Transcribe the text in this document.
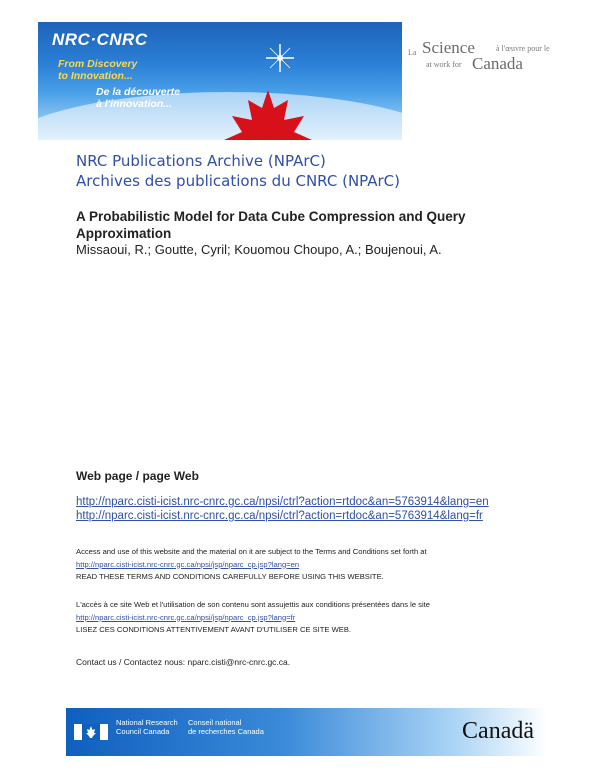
NRC·CNRC
From Discovery
to Innovation...
De la découverte
à l'innovation...
La Science	à l'œuvre pour le
at work for Canada
NRC Publications Archive (NPArC)
Archives des publications du CNRC (NPArC)
A Probabilistic Model for Data Cube Compression and Query Approximation
Missaoui, R.; Goutte, Cyril; Kouomou Choupo, A.; Boujenoui, A.
Web page / page Web
http://nparc.cisti-icist.nrc-cnrc.gc.ca/npsi/ctrl?action=rtdoc&an=5763914&lang=en
http://nparc.cisti-icist.nrc-cnrc.gc.ca/npsi/ctrl?action=rtdoc&an=5763914&lang=fr
Access and use of this website and the material on it are subject to the Terms and Conditions set forth at
http://nparc.cisti-icist.nrc-cnrc.gc.ca/npsi/jsp/nparc_cp.jsp?lang=en
READ THESE TERMS AND CONDITIONS CAREFULLY BEFORE USING THIS WEBSITE.
L'accès à ce site Web et l'utilisation de son contenu sont assujettis aux conditions présentées dans le site
http://nparc.cisti-icist.nrc-cnrc.gc.ca/npsi/jsp/nparc_cp.jsp?lang=fr
LISEZ CES CONDITIONS ATTENTIVEMENT AVANT D'UTILISER CE SITE WEB.
Contact us / Contactez nous: nparc.cisti@nrc-cnrc.gc.ca.
National Research
Council Canada
Conseil national
de recherches Canada	Canadä
